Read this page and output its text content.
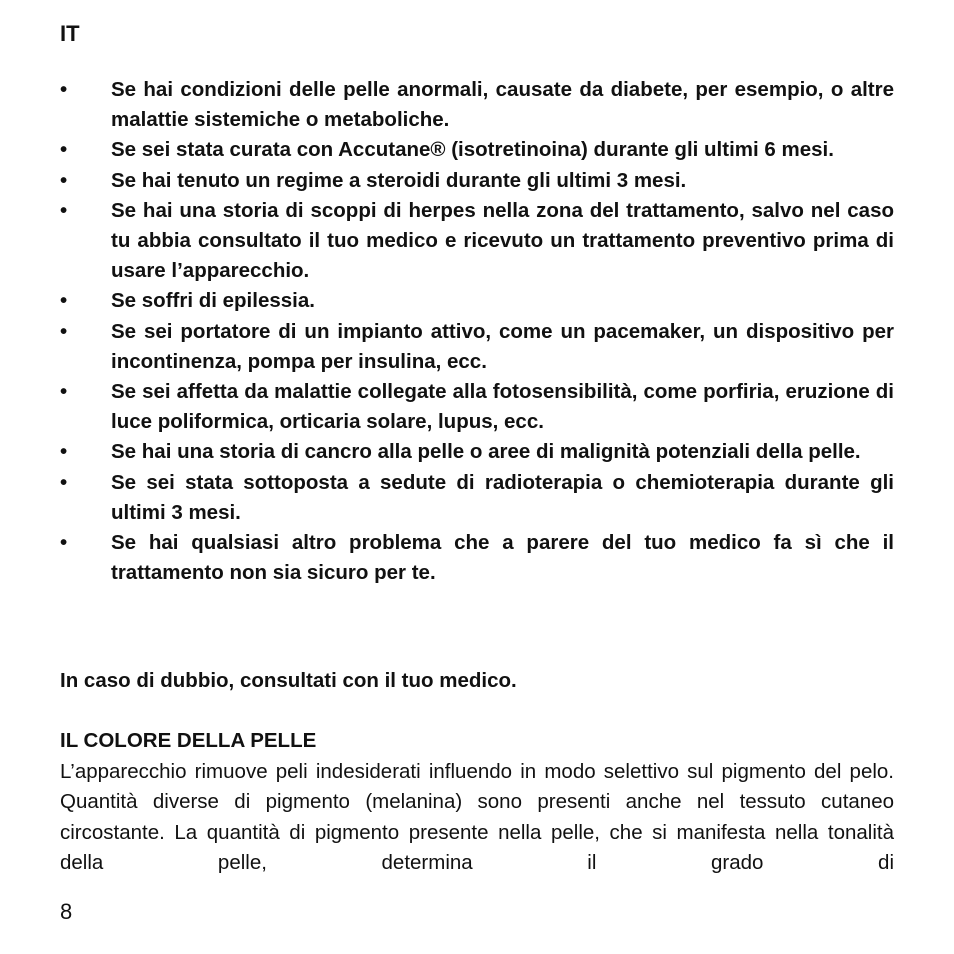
IT
• Se hai condizioni delle pelle anormali, causate da diabete, per esempio, o altre malattie sistemiche o metaboliche.
• Se sei stata curata con Accutane® (isotretinoina) durante gli ultimi 6 mesi.
• Se hai tenuto un regime a steroidi durante gli ultimi 3 mesi.
• Se hai una storia di scoppi di herpes nella zona del trattamento, salvo nel caso tu abbia consultato il tuo medico e ricevuto un trattamento preventivo prima di usare l’apparecchio.
• Se soffri di epilessia.
• Se sei portatore di un impianto attivo, come un pacemaker, un dispositivo per incontinenza, pompa per insulina, ecc.
• Se sei affetta da malattie collegate alla fotosensibilità, come porfiria, eruzione di luce poliformica, orticaria solare, lupus, ecc.
• Se hai una storia di cancro alla pelle o aree di malignità potenziali della pelle.
• Se sei stata sottoposta a sedute di radioterapia o chemioterapia durante gli ultimi 3 mesi.
• Se hai qualsiasi altro problema che a parere del tuo medico fa sì che il trattamento non sia sicuro per te.
In caso di dubbio, consultati con il tuo medico.
IL COLORE DELLA PELLE
L’apparecchio rimuove peli indesiderati influendo in modo selettivo sul pigmento del pelo. Quantità diverse di pigmento (melanina) sono presenti anche nel tessuto cutaneo circostante. La quantità di pigmento presente nella pelle, che si manifesta nella tonalità della pelle, determina il grado di
8
